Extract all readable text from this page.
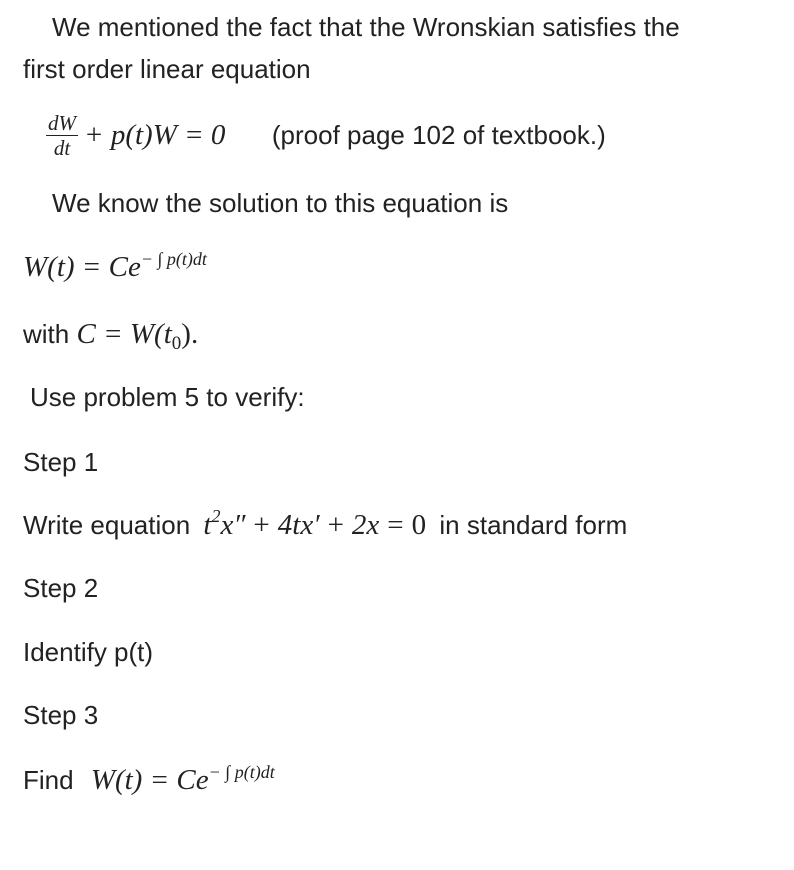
We mentioned the fact that the Wronskian satisfies the
first order linear equation
$\frac{dW}{dt} + p(t)W = 0$ (proof page 102 of textbook.)
We know the solution to this equation is
$W(t) = Ce^{- \int p(t)dt}$
with $C = W(t_0)$.
Use problem 5 to verify:
Step 1
Write equation $t^2x'' + 4tx' + 2x = 0$ in standard form
Step 2
Identify p(t)
Step 3
Find $W(t) = Ce^{- \int p(t)dt}$
